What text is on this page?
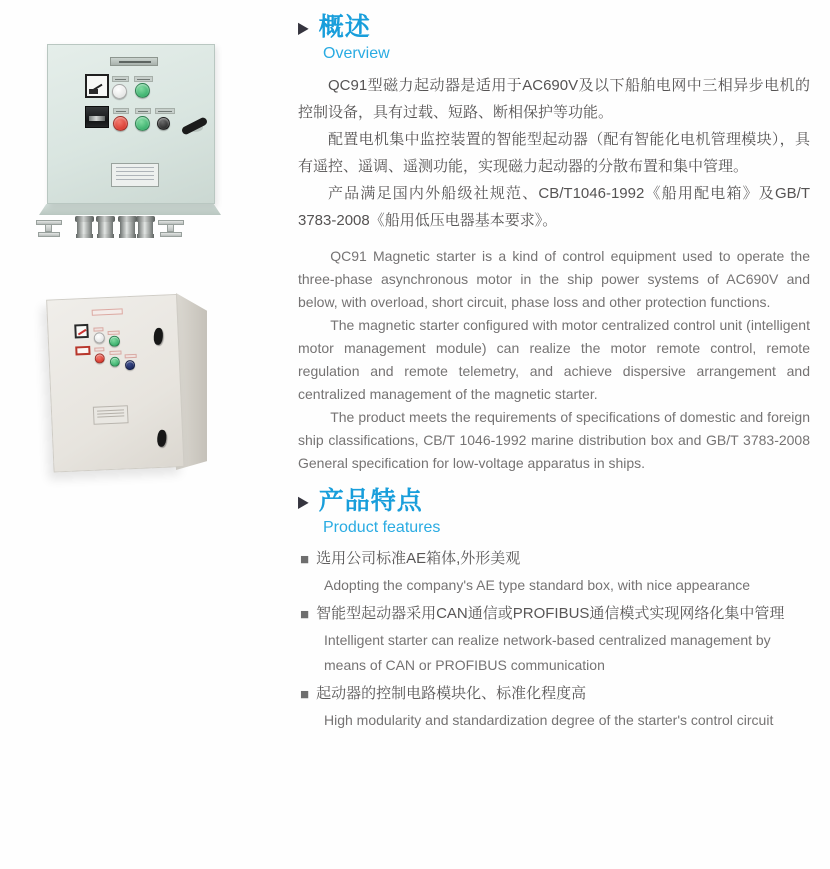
▶ 概述
Overview

QC91型磁力起动器是适用于AC690V及以下船舶电网中三相异步电机的控制设备，具有过载、短路、断相保护等功能。

配置电机集中监控装置的智能型起动器（配有智能化电机管理模块），具有遥控、遥调、遥测功能，实现磁力起动器的分散布置和集中管理。

产品满足国内外船级社规范、CB/T1046-1992《船用配电箱》及GB/T 3783-2008《船用低压电器基本要求》。

QC91 Magnetic starter is a kind of control equipment used to operate the three-phase asynchronous motor in the ship power systems of AC690V and below, with overload, short circuit, phase loss and other protection functions.

The magnetic starter configured with motor centralized control unit (intelligent motor management module) can realize the motor remote control, remote regulation and remote telemetry, and achieve dispersive arrangement and centralized management of the magnetic starter.

The product meets the requirements of specifications of domestic and foreign ship classifications, CB/T 1046-1992 marine distribution box and GB/T 3783-2008 General specification for low-voltage apparatus in ships.

▶ 产品特点
Product features
■ 选用公司标准AE箱体,外形美观
Adopting the company's AE type standard box, with nice appearance
■ 智能型起动器采用CAN通信或PROFIBUS通信模式实现网络化集中管理
Intelligent starter can realize network-based centralized management by means of CAN or PROFIBUS communication
■ 起动器的控制电路模块化、标准化程度高
High modularity and standardization degree of the starter's control circuit
